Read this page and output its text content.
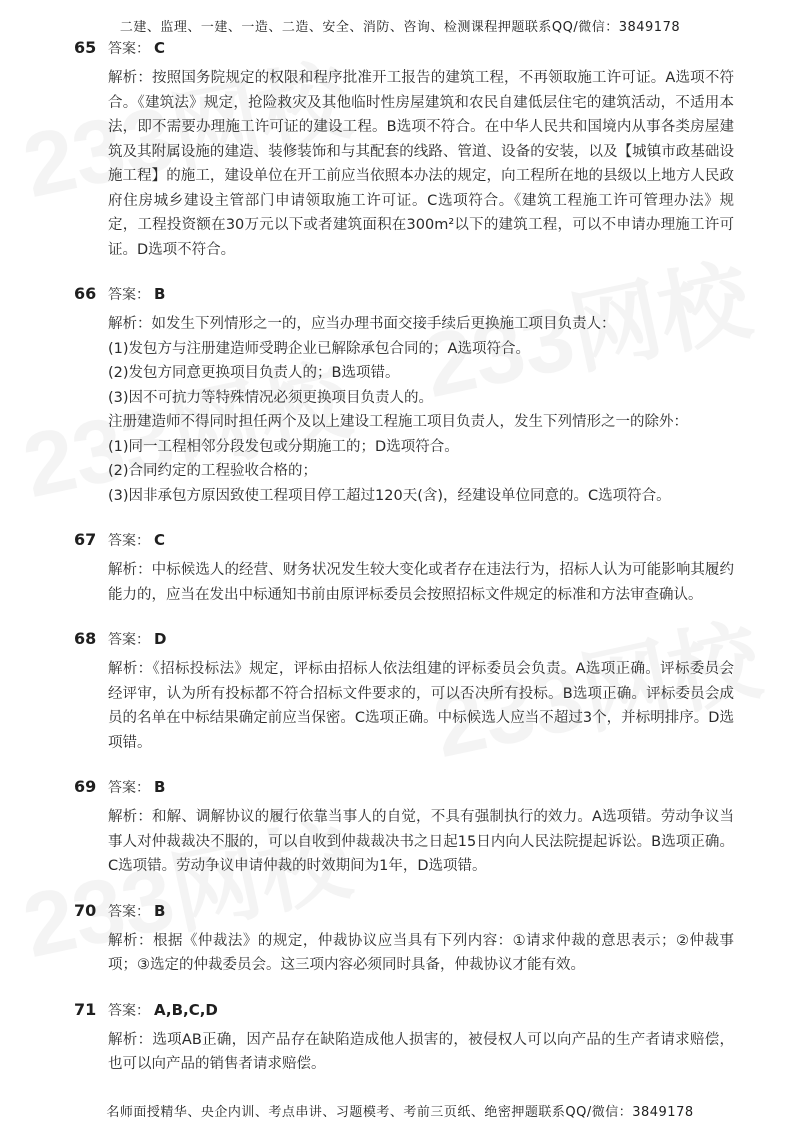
二建、监理、一建、一造、二造、安全、消防、咨询、检测课程押题联系QQ/微信：3849178
65 答案： C

解析：按照国务院规定的权限和程序批准开工报告的建筑工程，不再领取施工许可证。A选项不符合。《建筑法》规定，抢险救灾及其他临时性房屋建筑和农民自建低层住宅的建筑活动，不适用本法，即不需要办理施工许可证的建设工程。B选项不符合。在中华人民共和国境内从事各类房屋建筑及其附属设施的建造、装修装饰和与其配套的线路、管道、设备的安装，以及【城镇市政基础设施工程】的施工，建设单位在开工前应当依照本办法的规定，向工程所在地的县级以上地方人民政府住房城乡建设主管部门申请领取施工许可证。C选项符合。《建筑工程施工许可管理办法》规定，工程投资额在30万元以下或者建筑面积在300m²以下的建筑工程，可以不申请办理施工许可证。D选项不符合。

66 答案： B

解析：如发生下列情形之一的，应当办理书面交接手续后更换施工项目负责人：

(1)发包方与注册建造师受聘企业已解除承包合同的；A选项符合。

(2)发包方同意更换项目负责人的；B选项错。

(3)因不可抗力等特殊情况必须更换项目负责人的。

注册建造师不得同时担任两个及以上建设工程施工项目负责人，发生下列情形之一的除外：

(1)同一工程相邻分段发包或分期施工的；D选项符合。

(2)合同约定的工程验收合格的；

(3)因非承包方原因致使工程项目停工超过120天(含)，经建设单位同意的。C选项符合。

67 答案： C

解析：中标候选人的经营、财务状况发生较大变化或者存在违法行为，招标人认为可能影响其履约能力的，应当在发出中标通知书前由原评标委员会按照招标文件规定的标准和方法审查确认。

68 答案： D

解析：《招标投标法》规定，评标由招标人依法组建的评标委员会负责。A选项正确。评标委员会经评审，认为所有投标都不符合招标文件要求的，可以否决所有投标。B选项正确。评标委员会成员的名单在中标结果确定前应当保密。C选项正确。中标候选人应当不超过3个，并标明排序。D选项错。

69 答案： B

解析：和解、调解协议的履行依靠当事人的自觉，不具有强制执行的效力。A选项错。劳动争议当事人对仲裁裁决不服的，可以自收到仲裁裁决书之日起15日内向人民法院提起诉讼。B选项正确。C选项错。劳动争议申请仲裁的时效期间为1年，D选项错。

70 答案： B

解析：根据《仲裁法》的规定，仲裁协议应当具有下列内容：①请求仲裁的意思表示；②仲裁事项；③选定的仲裁委员会。这三项内容必须同时具备，仲裁协议才能有效。

71 答案： A,B,C,D

解析：选项AB正确，因产品存在缺陷造成他人损害的，被侵权人可以向产品的生产者请求赔偿，也可以向产品的销售者请求赔偿。

名师面授精华、央企内训、考点串讲、习题模考、考前三页纸、绝密押题联系QQ/微信：3849178
